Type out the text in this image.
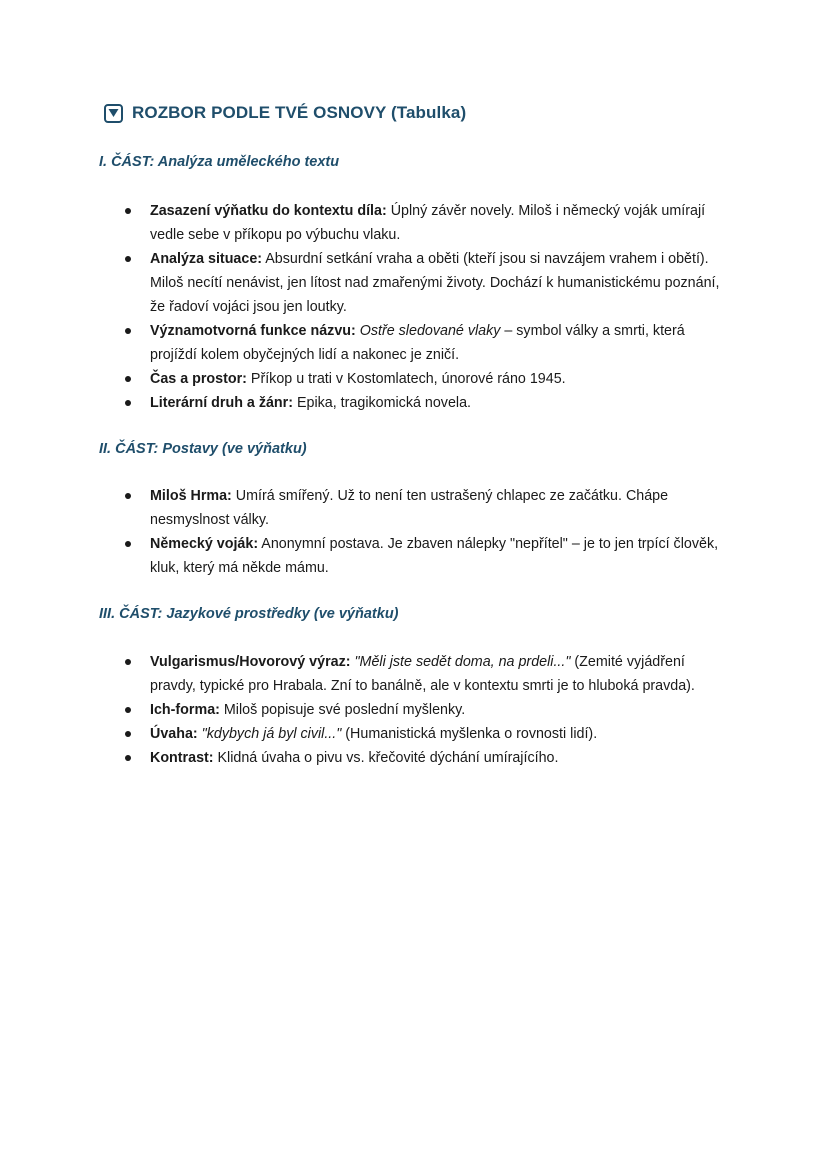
ROZBOR PODLE TVÉ OSNOVY (Tabulka)
I. ČÁST: Analýza uměleckého textu
Zasazení výňatku do kontextu díla: Úplný závěr novely. Miloš i německý voják umírají vedle sebe v příkopu po výbuchu vlaku.
Analýza situace: Absurdní setkání vraha a oběti (kteří jsou si navzájem vrahem i obětí). Miloš necítí nenávist, jen lítost nad zmařenými životy. Dochází k humanistickému poznání, že řadoví vojáci jsou jen loutky.
Významotvorná funkce názvu: Ostře sledované vlaky – symbol války a smrti, která projíždí kolem obyčejných lidí a nakonec je zničí.
Čas a prostor: Příkop u trati v Kostomlatech, únorové ráno 1945.
Literární druh a žánr: Epika, tragikomická novela.
II. ČÁST: Postavy (ve výňatku)
Miloš Hrma: Umírá smířený. Už to není ten ustrašený chlapec ze začátku. Chápe nesmyslnost války.
Německý voják: Anonymní postava. Je zbaven nálepky "nepřítel" – je to jen trpící člověk, kluk, který má někde mámu.
III. ČÁST: Jazykové prostředky (ve výňatku)
Vulgarismus/Hovorový výraz: "Měli jste sedět doma, na prdeli..." (Zemité vyjádření pravdy, typické pro Hrabala. Zní to banálně, ale v kontextu smrti je to hluboká pravda).
Ich-forma: Miloš popisuje své poslední myšlenky.
Úvaha: "kdybych já byl civil..." (Humanistická myšlenka o rovnosti lidí).
Kontrast: Klidná úvaha o pivu vs. křečovité dýchání umírajícího.
